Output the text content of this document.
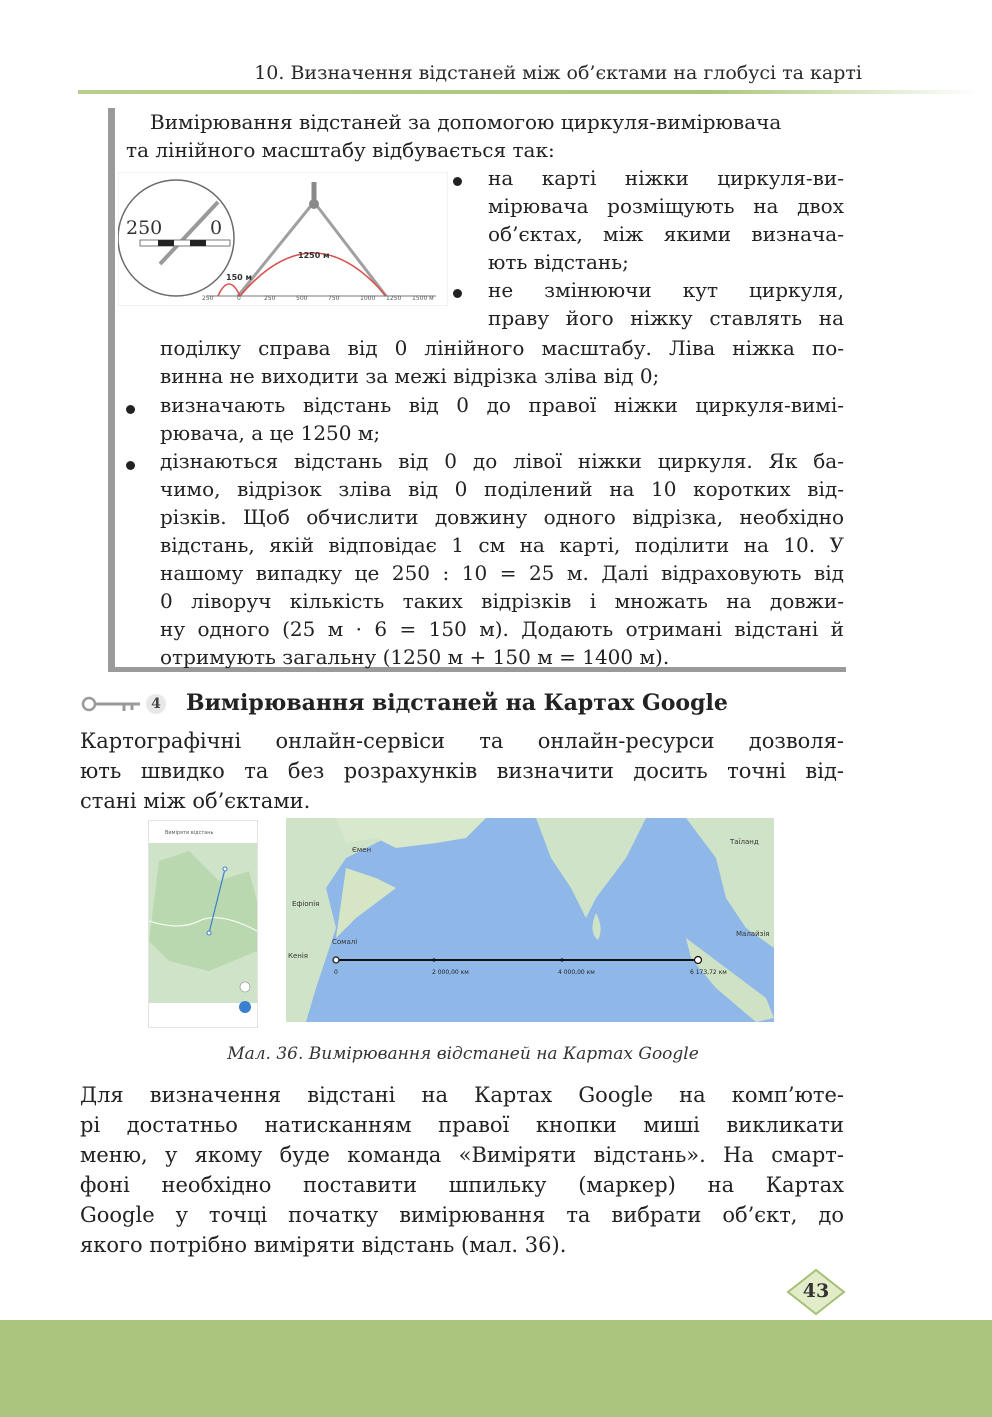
10. Визначення відстаней між об’єктами на глобусі та карті
Вимірювання відстаней за допомогою циркуля-вимірювача
та лінійного масштабу відбувається так:
250	0
1250 м
150 м
250	0	250	500	750	1000 1250 1500 м
на карті ніжки циркуля-ви-
мірювача розміщують на двох
об’єктах, між якими визнача-
ють відстань;
не змінюючи кут циркуля,
праву його ніжку ставлять на
поділку справа від 0 лінійного масштабу. Ліва ніжка по-
винна не виходити за межі відрізка зліва від 0;
визначають відстань від 0 до правої ніжки циркуля-вимі-
рювача, а це 1250 м;
дізнаються відстань від 0 до лівої ніжки циркуля. Як ба-
чимо, відрізок зліва від 0 поділений на 10 коротких від-
різків. Щоб обчислити довжину одного відрізка, необхідно
відстань, якій відповідає 1 см на карті, поділити на 10. У
нашому випадку це 250 : 10 = 25 м. Далі відраховують від
0 ліворуч кількість таких відрізків і множать на довжи-
ну одного (25 м · 6 = 150 м). Додають отримані відстані й
отримують загальну (1250 м + 150 м = 1400 м).
4 Вимірювання відстаней на Картах Google
Картографічні онлайн-сервіси та онлайн-ресурси дозволя-
ють швидко та без розрахунків визначити досить точні від-
стані між об’єктами.
Виміряти відстань
0	2 000,00 км	4 000,00 км	6 173,72 км
Ємен
Ефіопія
Сомалі
Кенія
Таїланд
Малайзія
Мал. 36. Вимірювання відстаней на Картах Google
Для визначення відстані на Картах Google на комп’юте-
рі достатньо натисканням правої кнопки миші викликати
меню, у якому буде команда «Виміряти відстань». На смарт-
фоні необхідно поставити шпильку (маркер) на Картах
Google у точці початку вимірювання та вибрати об’єкт, до
якого потрібно виміряти відстань (мал. 36).
43
